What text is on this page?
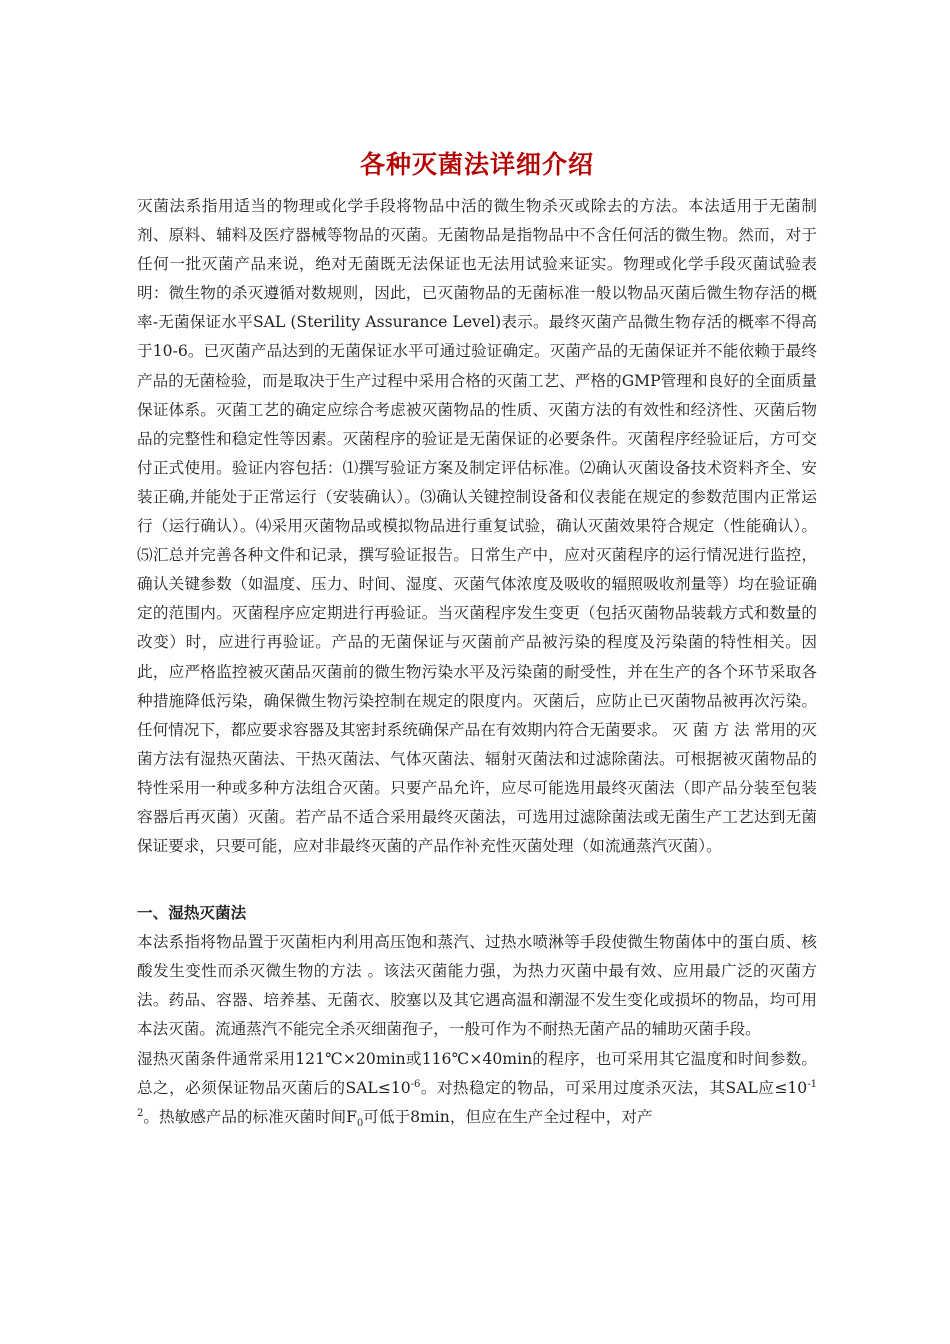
各种灭菌法详细介绍

灭菌法系指用适当的物理或化学手段将物品中活的微生物杀灭或除去的方法。本法适用于无菌制剂、原料、辅料及医疗器械等物品的灭菌。无菌物品是指物品中不含任何活的微生物。然而，对于任何一批灭菌产品来说，绝对无菌既无法保证也无法用试验来证实。物理或化学手段灭菌试验表明：微生物的杀灭遵循对数规则，因此，已灭菌物品的无菌标准一般以物品灭菌后微生物存活的概率-无菌保证水平SAL (Sterility Assurance Level)表示。最终灭菌产品微生物存活的概率不得高于10-6。已灭菌产品达到的无菌保证水平可通过验证确定。灭菌产品的无菌保证并不能依赖于最终产品的无菌检验，而是取决于生产过程中采用合格的灭菌工艺、严格的GMP管理和良好的全面质量保证体系。灭菌工艺的确定应综合考虑被灭菌物品的性质、灭菌方法的有效性和经济性、灭菌后物品的完整性和稳定性等因素。灭菌程序的验证是无菌保证的必要条件。灭菌程序经验证后，方可交付正式使用。验证内容包括：⑴撰写验证方案及制定评估标准。⑵确认灭菌设备技术资料齐全、安装正确,并能处于正常运行（安装确认）。⑶确认关键控制设备和仪表能在规定的参数范围内正常运行（运行确认）。⑷采用灭菌物品或模拟物品进行重复试验，确认灭菌效果符合规定（性能确认）。⑸汇总并完善各种文件和记录，撰写验证报告。日常生产中，应对灭菌程序的运行情况进行监控，确认关键参数（如温度、压力、时间、湿度、灭菌气体浓度及吸收的辐照吸收剂量等）均在验证确定的范围内。灭菌程序应定期进行再验证。当灭菌程序发生变更（包括灭菌物品装载方式和数量的改变）时，应进行再验证。产品的无菌保证与灭菌前产品被污染的程度及污染菌的特性相关。因此，应严格监控被灭菌品灭菌前的微生物污染水平及污染菌的耐受性，并在生产的各个环节采取各种措施降低污染，确保微生物污染控制在规定的限度内。灭菌后，应防止已灭菌物品被再次污染。任何情况下，都应要求容器及其密封系统确保产品在有效期内符合无菌要求。 灭 菌 方 法 常用的灭菌方法有湿热灭菌法、干热灭菌法、气体灭菌法、辐射灭菌法和过滤除菌法。可根据被灭菌物品的特性采用一种或多种方法组合灭菌。只要产品允许，应尽可能选用最终灭菌法（即产品分装至包装容器后再灭菌）灭菌。若产品不适合采用最终灭菌法，可选用过滤除菌法或无菌生产工艺达到无菌保证要求，只要可能，应对非最终灭菌的产品作补充性灭菌处理（如流通蒸汽灭菌）。

一、湿热灭菌法

本法系指将物品置于灭菌柜内利用高压饱和蒸汽、过热水喷淋等手段使微生物菌体中的蛋白质、核酸发生变性而杀灭微生物的方法 。该法灭菌能力强，为热力灭菌中最有效、应用最广泛的灭菌方法。药品、容器、培养基、无菌衣、胶塞以及其它遇高温和潮湿不发生变化或损坏的物品，均可用本法灭菌。流通蒸汽不能完全杀灭细菌孢子，一般可作为不耐热无菌产品的辅助灭菌手段。

湿热灭菌条件通常采用121℃×20min或116℃×40min的程序，也可采用其它温度和时间参数。总之，必须保证物品灭菌后的$SAL\le 10^{-6}$。对热稳定的物品，可采用过度杀灭法，其SAL应$\le 10^{-12}$。热敏感产品的标准灭菌时间$F_0$可低于8min，但应在生产全过程中，对产
